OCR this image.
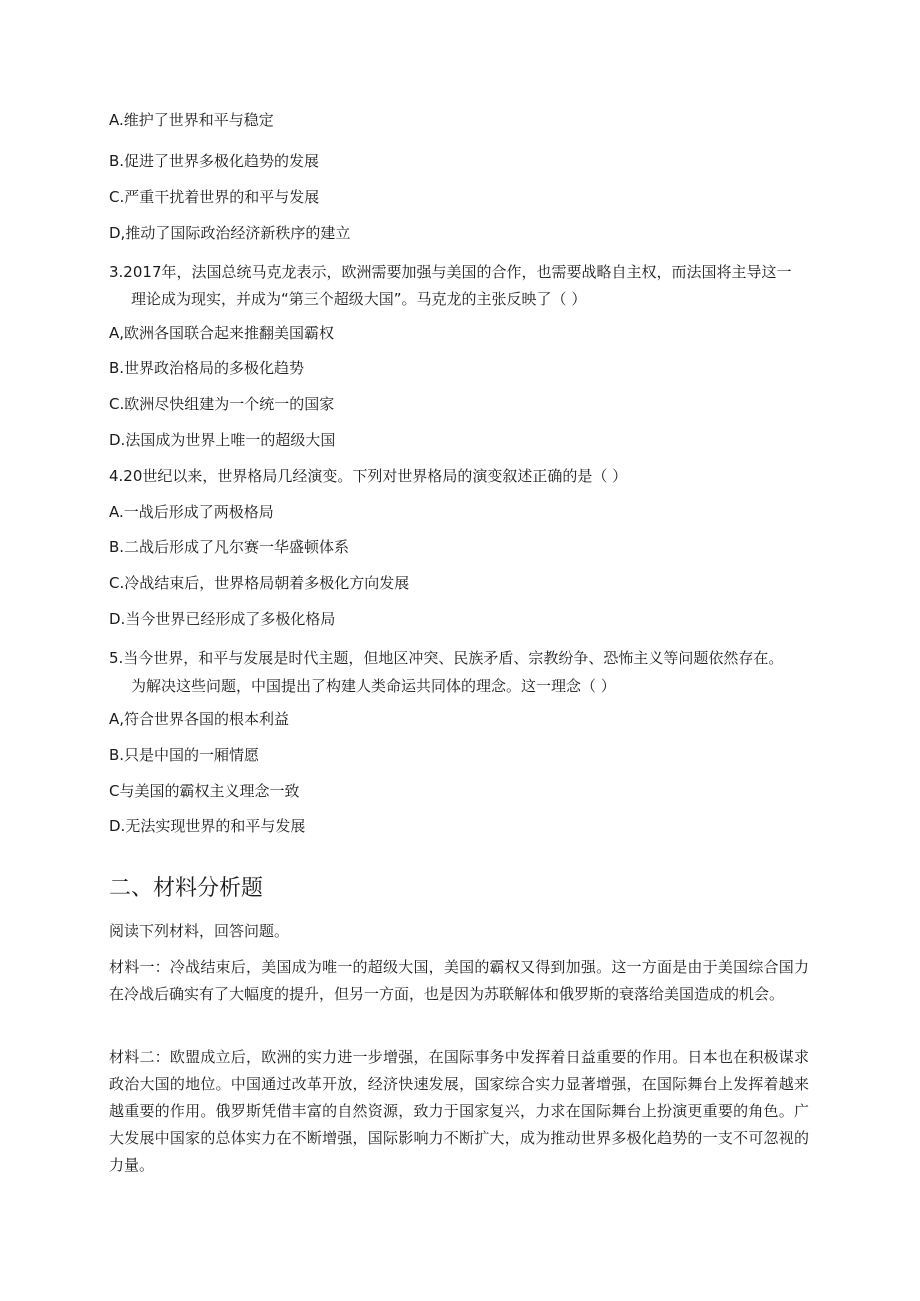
A.维护了世界和平与稳定
B.促进了世界多极化趋势的发展
C.严重干扰着世界的和平与发展
D,推动了国际政治经济新秩序的建立
3.2017年，法国总统马克龙表示，欧洲需要加强与美国的合作，也需要战略自主权，而法国将主导这一
理论成为现实，并成为“第三个超级大国”。马克龙的主张反映了（ ）
A,欧洲各国联合起来推翻美国霸权
B.世界政治格局的多极化趋势
C.欧洲尽快组建为一个统一的国家
D.法国成为世界上唯一的超级大国
4.20世纪以来，世界格局几经演变。下列对世界格局的演变叙述正确的是（ ）
A.一战后形成了两极格局
B.二战后形成了凡尔赛一华盛顿体系
C.冷战结束后，世界格局朝着多极化方向发展
D.当今世界已经形成了多极化格局
5.当今世界，和平与发展是时代主题，但地区冲突、民族矛盾、宗教纷争、恐怖主义等问题依然存在。
为解决这些问题，中国提出了构建人类命运共同体的理念。这一理念（ ）
A,符合世界各国的根本利益
B.只是中国的一厢情愿
C与美国的霸权主义理念一致
D.无法实现世界的和平与发展
二、材料分析题
阅读下列材料，回答问题。
材料一：冷战结束后，美国成为唯一的超级大国，美国的霸权又得到加强。这一方面是由于美国综合国力在冷战后确实有了大幅度的提升，但另一方面，也是因为苏联解体和俄罗斯的衰落给美国造成的机会。
材料二：欧盟成立后，欧洲的实力进一步增强，在国际事务中发挥着日益重要的作用。日本也在积极谋求政治大国的地位。中国通过改革开放，经济快速发展，国家综合实力显著增强，在国际舞台上发挥着越来越重要的作用。俄罗斯凭借丰富的自然资源，致力于国家复兴，力求在国际舞台上扮演更重要的角色。广大发展中国家的总体实力在不断增强，国际影响力不断扩大，成为推动世界多极化趋势的一支不可忽视的力量。
